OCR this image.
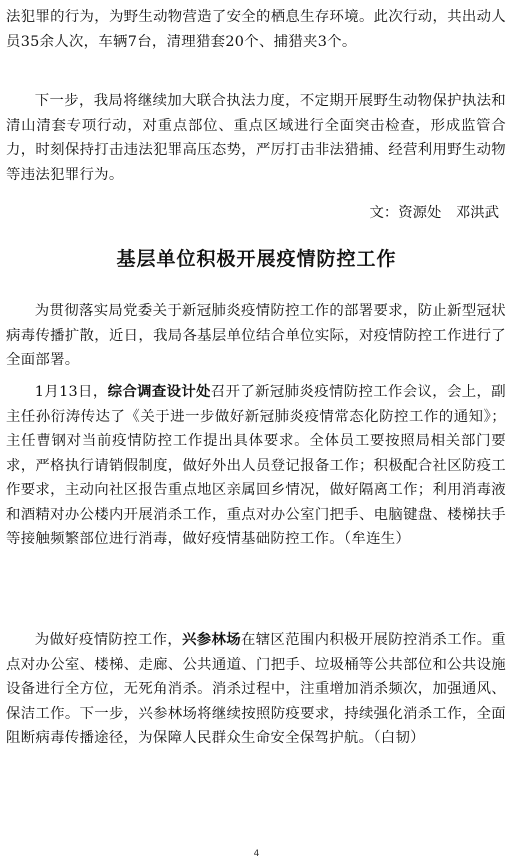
法犯罪的行为，为野生动物营造了安全的栖息生存环境。此次行动，共出动人员35余人次，车辆7台，清理猎套20个、捕猎夹3个。

下一步，我局将继续加大联合执法力度，不定期开展野生动物保护执法和清山清套专项行动，对重点部位、重点区域进行全面突击检查，形成监管合力，时刻保持打击违法犯罪高压态势，严厉打击非法猎捕、经营利用野生动物等违法犯罪行为。

文：资源处　邓洪武
基层单位积极开展疫情防控工作

为贯彻落实局党委关于新冠肺炎疫情防控工作的部署要求，防止新型冠状病毒传播扩散，近日，我局各基层单位结合单位实际，对疫情防控工作进行了全面部署。

1月13日，综合调查设计处召开了新冠肺炎疫情防控工作会议，会上，副主任孙衍涛传达了《关于进一步做好新冠肺炎疫情常态化防控工作的通知》；主任曹钢对当前疫情防控工作提出具体要求。全体员工要按照局相关部门要求，严格执行请销假制度，做好外出人员登记报备工作；积极配合社区防疫工作要求，主动向社区报告重点地区亲属回乡情况，做好隔离工作；利用消毒液和酒精对办公楼内开展消杀工作，重点对办公室门把手、电脑键盘、楼梯扶手等接触频繁部位进行消毒，做好疫情基础防控工作。（牟连生）

为做好疫情防控工作，兴参林场在辖区范围内积极开展防控消杀工作。重点对办公室、楼梯、走廊、公共通道、门把手、垃圾桶等公共部位和公共设施设备进行全方位，无死角消杀。消杀过程中，注重增加消杀频次，加强通风、保洁工作。下一步，兴参林场将继续按照防疫要求，持续强化消杀工作，全面阻断病毒传播途径，为保障人民群众生命安全保驾护航。（白韧）

4
